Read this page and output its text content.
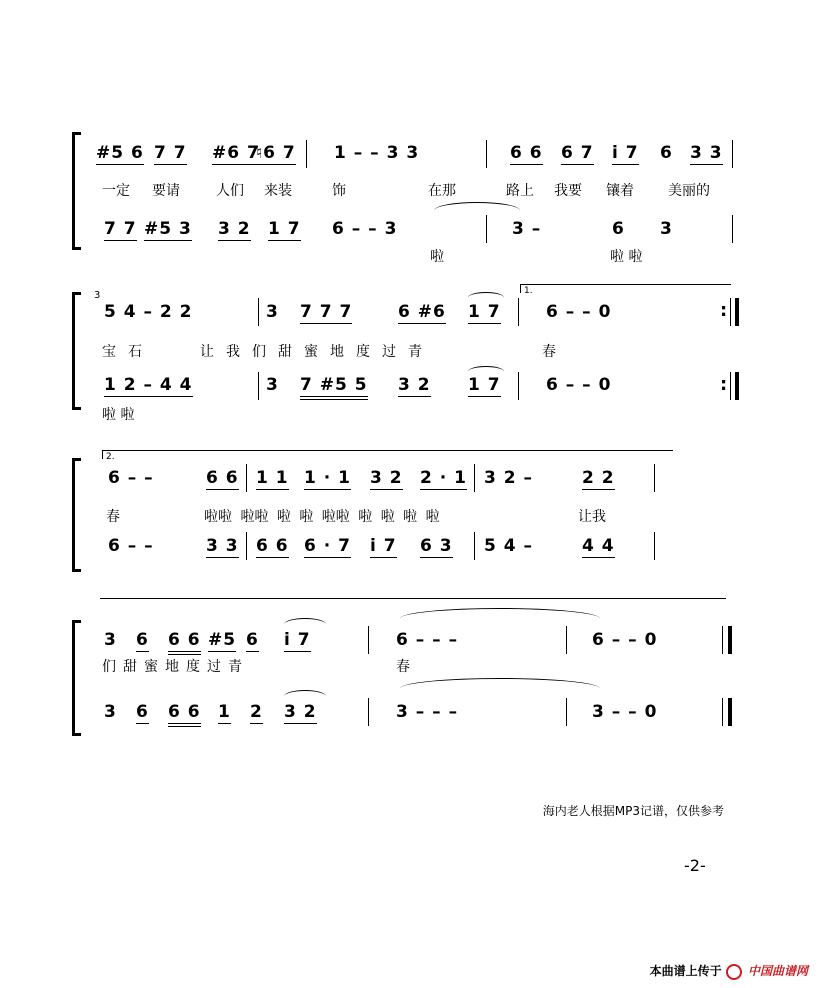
#5 6 7 7 #6 7
♮6 7 1 – – 3 3	6 6 6 7 i 7 6 3 3
一定 要请	人们 来装	饰	在那	路上 我要 镶着 美丽的
7 7 #5 3 3 2 1 7 6 – – 3	3 –	6 3
啦	啦 啦
1.
3
5 4 – 2 2	3 7 7 7	6 #6 1 7	6 – – 0	:
宝石	让我们甜蜜地度过青	春
1 2 – 4 4	3 7 #5 5 3 2 1 7	6 – – 0	:
啦 啦
2.
6 – –	6 6 1 1 1 · 1 3 2 2 · 1 3 2 –	2 2
春	啦啦 啦啦 啦 啦 啦啦 啦 啦 啦 啦	让我
6 – –	3 3 6 6 6 · 7 i 7 6 3 5 4 –	4 4
3 6 6 6 #5 6 i 7	6 – – –	6 – – 0
们甜蜜地度过青	春
3 6 6 6 1 2 3 2	3 – – –	3 – – 0
海内老人根据MP3记谱，仅供参考
-2-
本曲谱上传于 中国曲谱网
